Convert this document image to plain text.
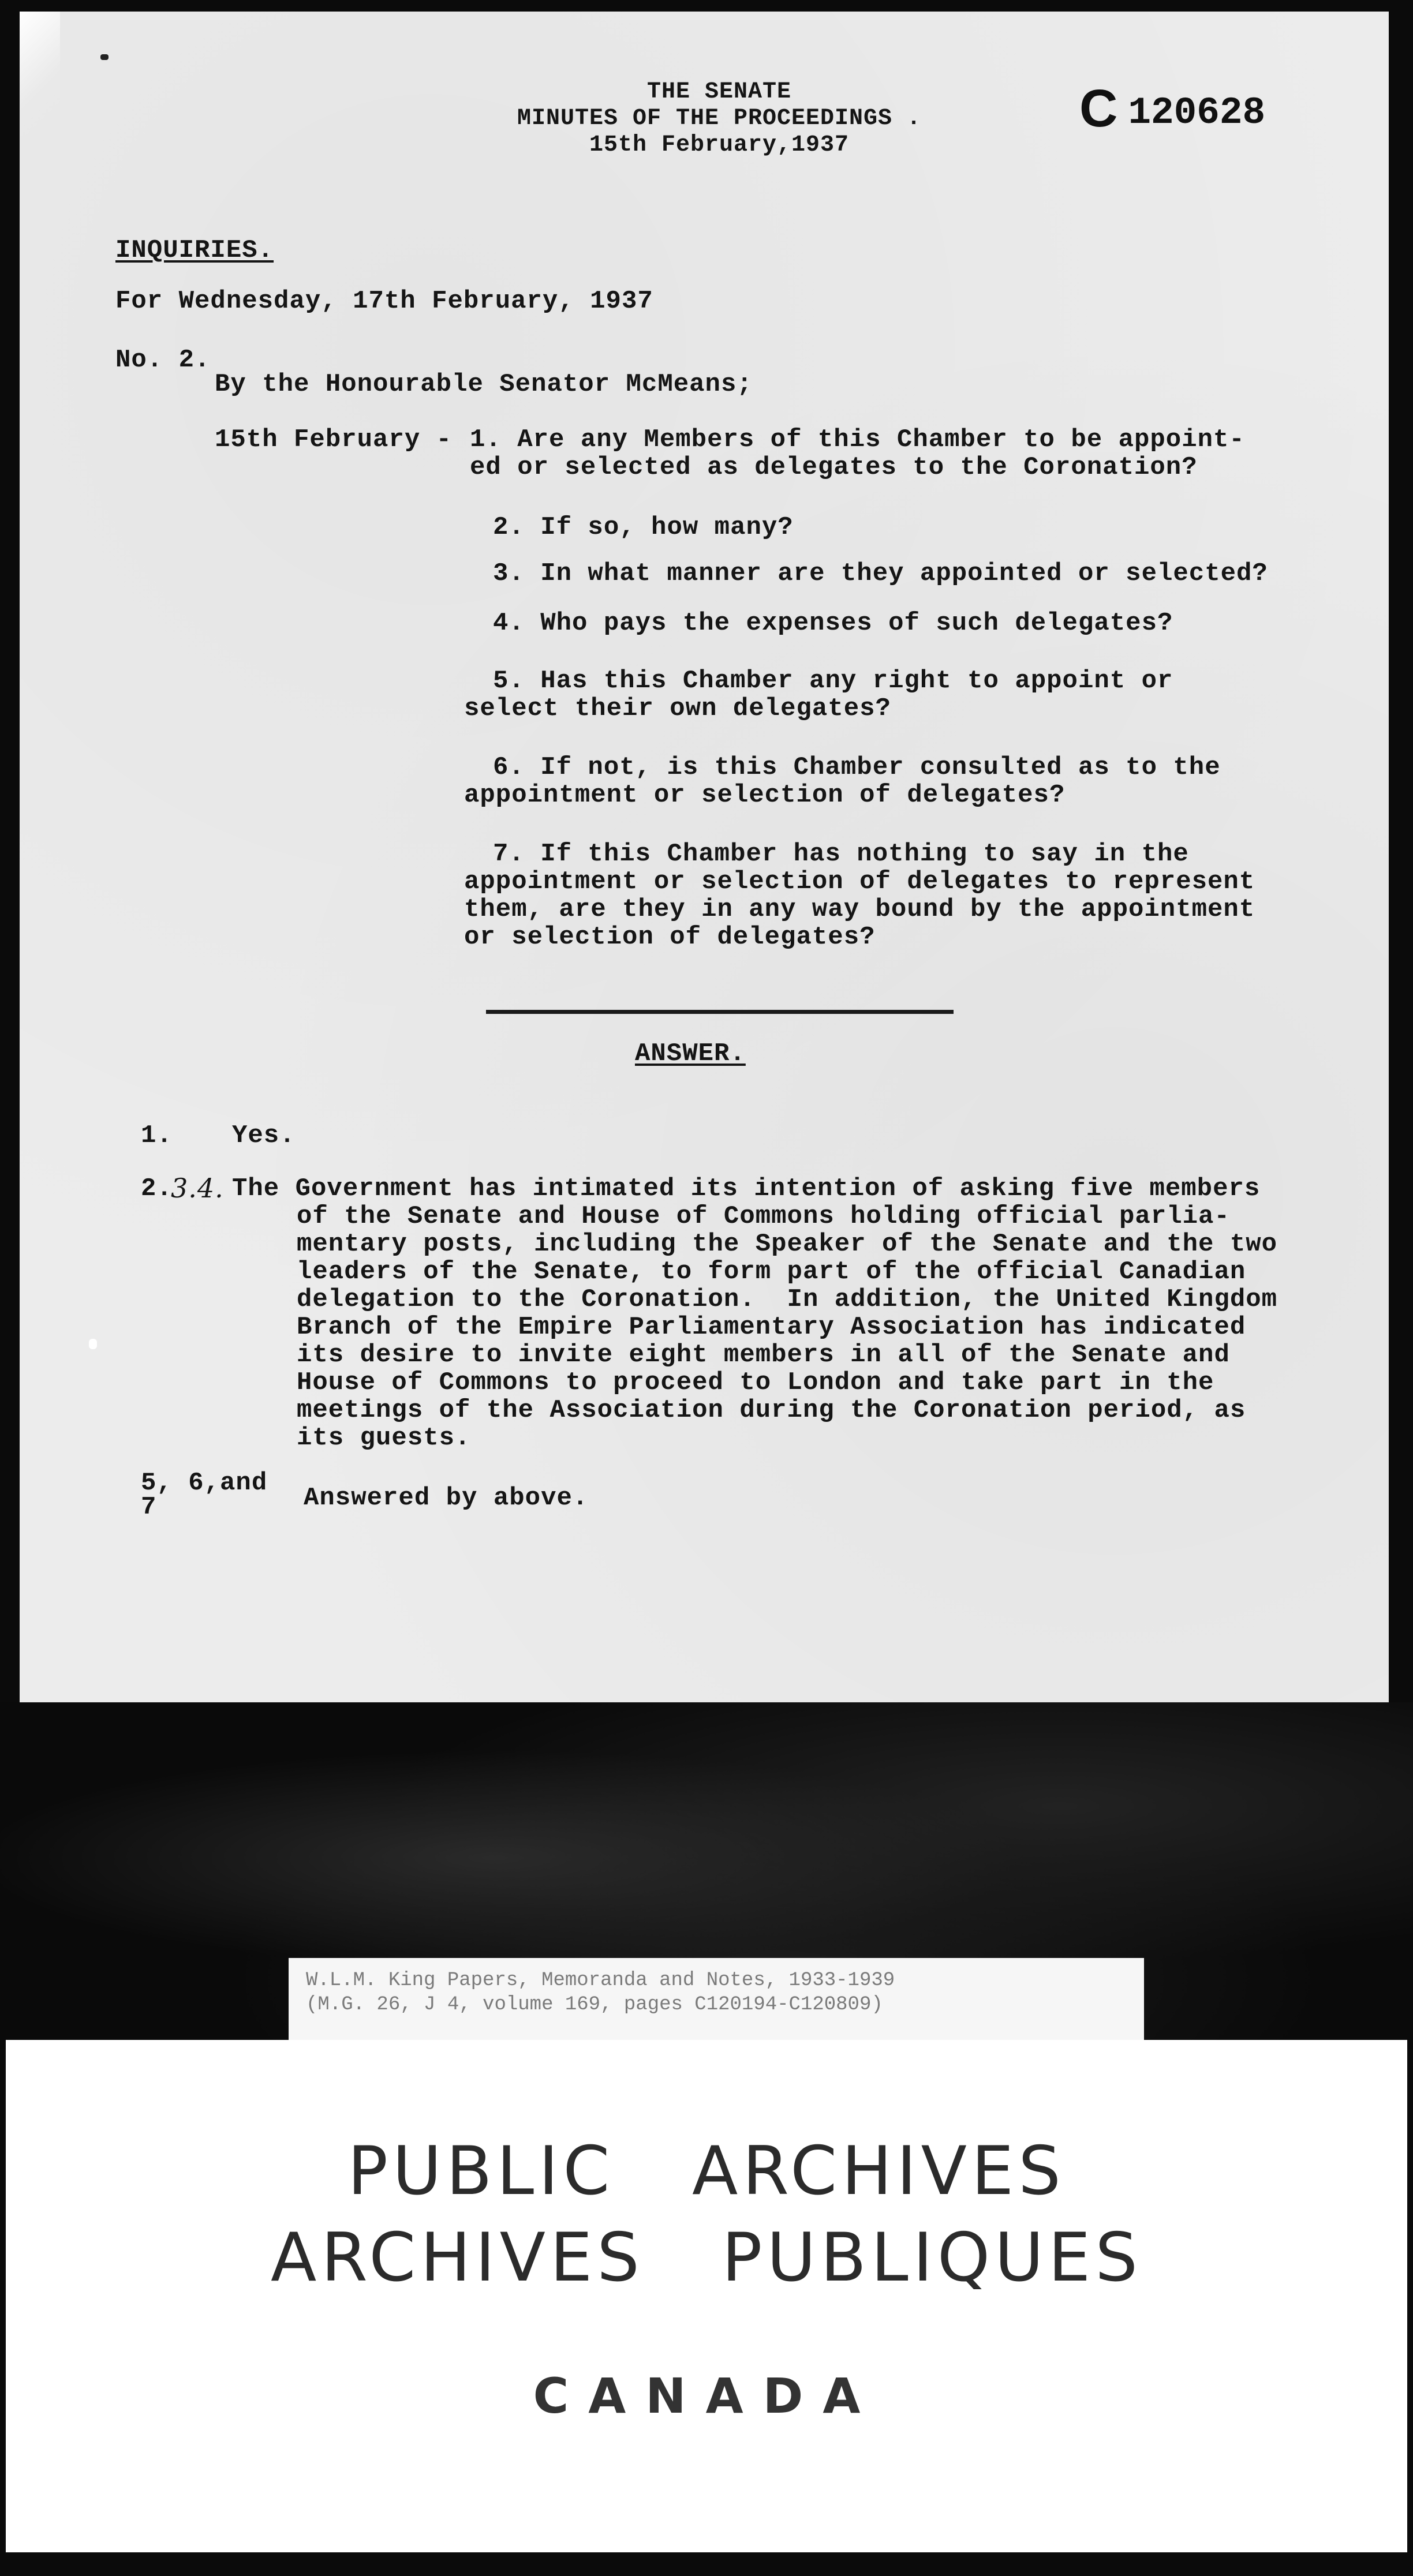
THE SENATE
MINUTES OF THE PROCEEDINGS .
15th February,1937
C 120628
INQUIRIES.
For Wednesday, 17th February, 1937
No. 2.
By the Honourable Senator McMeans;
15th February - 1. Are any Members of this Chamber to be appoint-
ed or selected as delegates to the Coronation?
2. If so, how many?
3. In what manner are they appointed or selected?
4. Who pays the expenses of such delegates?
5. Has this Chamber any right to appoint or
select their own delegates?
6. If not, is this Chamber consulted as to the
appointment or selection of delegates?
7. If this Chamber has nothing to say in the
appointment or selection of delegates to represent
them, are they in any way bound by the appointment
or selection of delegates?
ANSWER.
1. Yes.
2.
3.4. The Government has intimated its intention of asking five members
of the Senate and House of Commons holding official parlia-
mentary posts, including the Speaker of the Senate and the two
leaders of the Senate, to form part of the official Canadian
delegation to the Coronation.  In addition, the United Kingdom
Branch of the Empire Parliamentary Association has indicated
its desire to invite eight members in all of the Senate and
House of Commons to proceed to London and take part in the
meetings of the Association during the Coronation period, as
its guests.
5, 6,and
7	Answered by above.
W.L.M. King Papers, Memoranda and Notes, 1933-1939
(M.G. 26, J 4, volume 169, pages C120194-C120809)
PUBLIC   ARCHIVES
ARCHIVES   PUBLIQUES
CANADA
